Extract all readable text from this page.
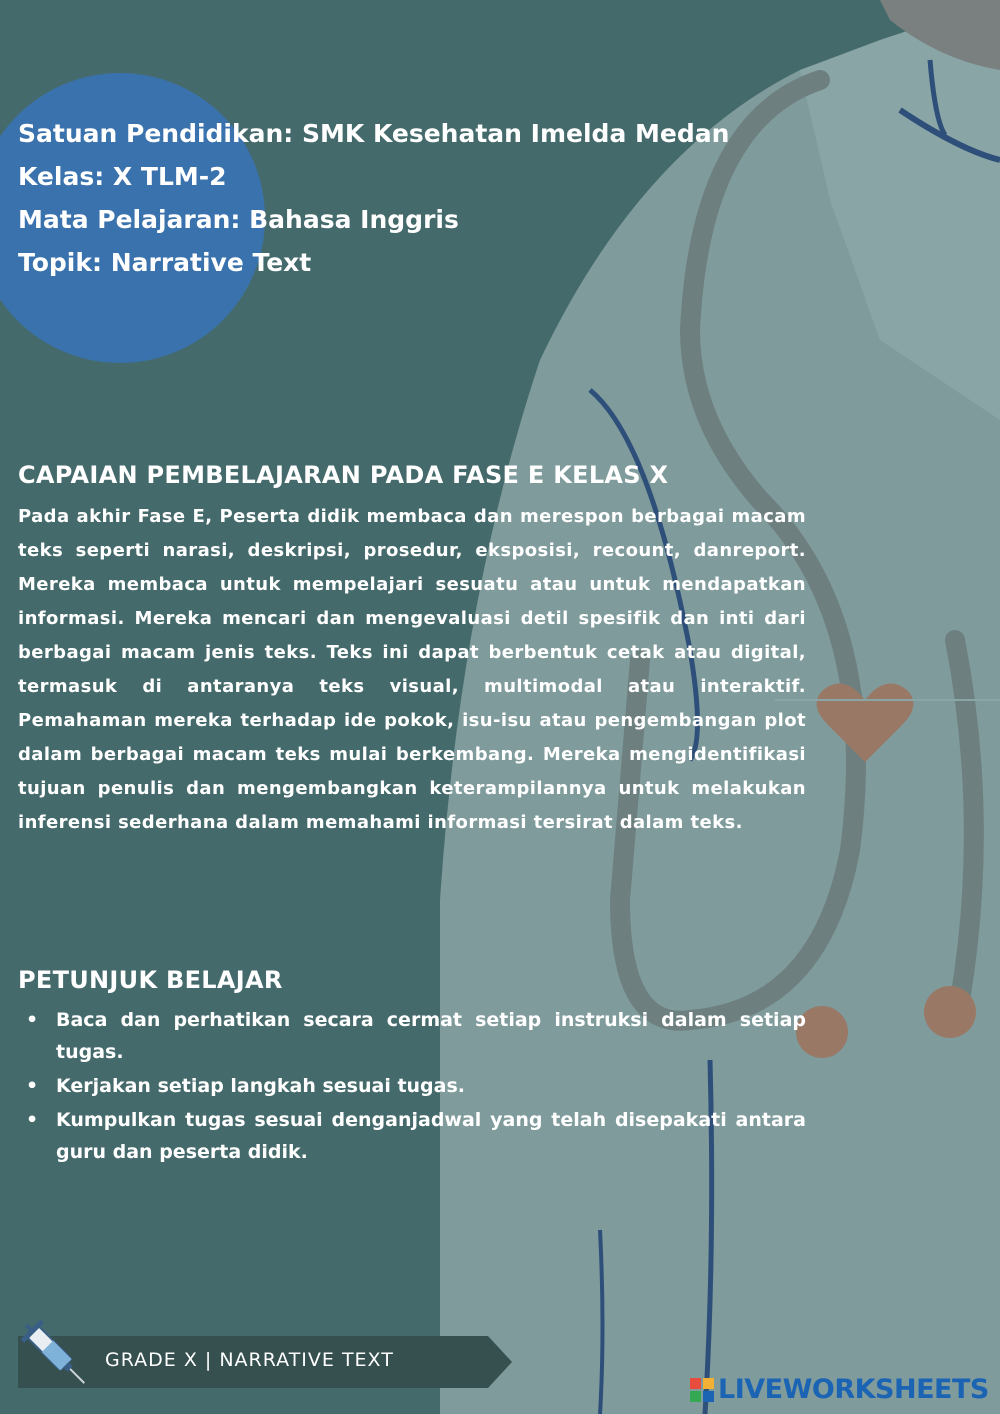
Satuan Pendidikan: SMK Kesehatan Imelda Medan
Kelas: X TLM-2
Mata Pelajaran: Bahasa Inggris
Topik: Narrative Text
CAPAIAN PEMBELAJARAN PADA FASE E KELAS X
Pada akhir Fase E, Peserta didik membaca dan merespon berbagai macam teks seperti narasi, deskripsi, prosedur, eksposisi, recount, danreport. Mereka membaca untuk mempelajari sesuatu atau untuk mendapatkan informasi. Mereka mencari dan mengevaluasi detil spesifik dan inti dari berbagai macam jenis teks. Teks ini dapat berbentuk cetak atau digital, termasuk di antaranya teks visual, multimodal atau interaktif. Pemahaman mereka terhadap ide pokok, isu-isu atau pengembangan plot dalam berbagai macam teks mulai berkembang. Mereka mengidentifikasi tujuan penulis dan mengembangkan keterampilannya untuk melakukan inferensi sederhana dalam memahami informasi tersirat dalam teks.
PETUNJUK BELAJAR
• Baca dan perhatikan secara cermat setiap instruksi dalam setiap tugas.
• Kerjakan setiap langkah sesuai tugas.
• Kumpulkan tugas sesuai denganjadwal yang telah disepakati antara guru dan peserta didik.
GRADE X | NARRATIVE TEXT
LIVEWORKSHEETS
